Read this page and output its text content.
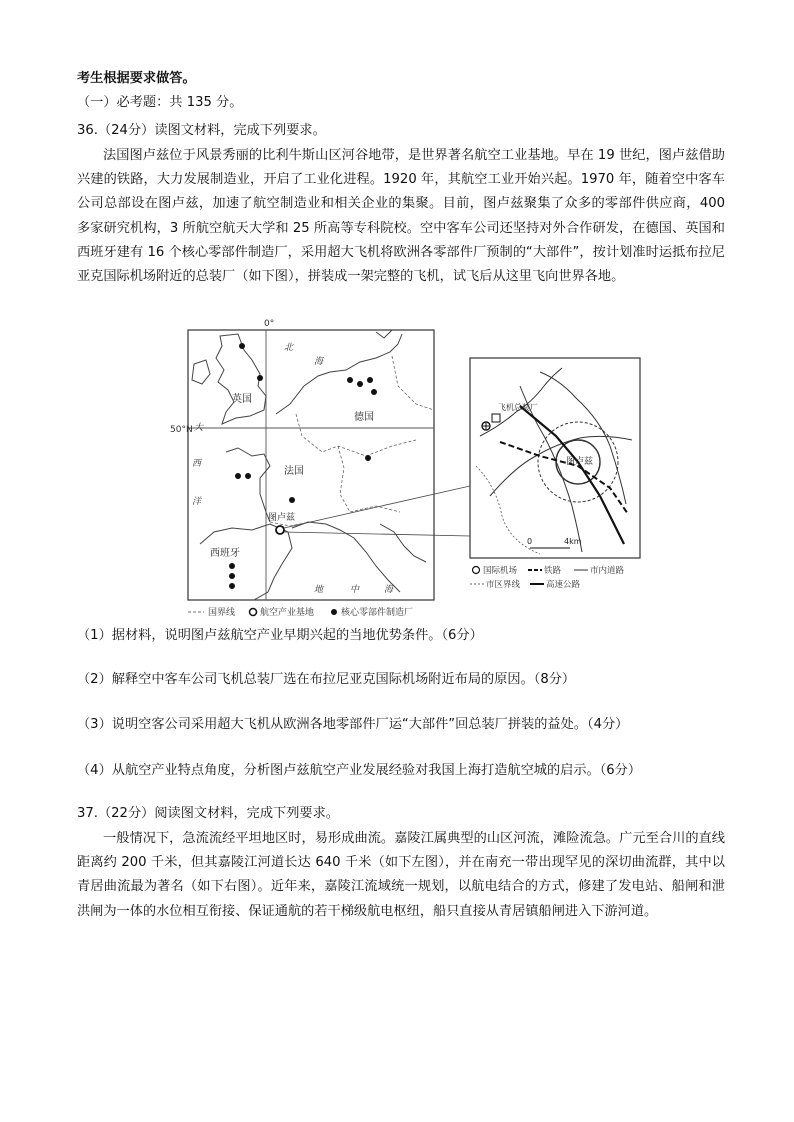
考生根据要求做答。
（一）必考题：共 135 分。
36.（24分）读图文材料，完成下列要求。
法国图卢兹位于风景秀丽的比利牛斯山区河谷地带，是世界著名航空工业基地。早在 19 世纪，图卢兹借助兴建的铁路，大力发展制造业，开启了工业化进程。1920 年，其航空工业开始兴起。1970 年，随着空中客车公司总部设在图卢兹，加速了航空制造业和相关企业的集聚。目前，图卢兹聚集了众多的零部件供应商，400 多家研究机构，3 所航空航天大学和 25 所高等专科院校。空中客车公司还坚持对外合作研发，在德国、英国和西班牙建有 16 个核心零部件制造厂，采用超大飞机将欧洲各零部件厂预制的“大部件”，按计划准时运抵布拉尼亚克国际机场附近的总装厂（如下图），拼装成一架完整的飞机，试飞后从这里飞向世界各地。
0°
50°N
英国
德国
法国
西班牙
北
海
大
西
洋
地	中	海
图卢兹
飞机总装厂
图卢兹
0	4km
国界线	航空产业基地	核心零部件制造厂
国际机场	铁路	市内道路
市区界线	高速公路
（1）据材料，说明图卢兹航空产业早期兴起的当地优势条件。（6分）
（2）解释空中客车公司飞机总装厂选在布拉尼亚克国际机场附近布局的原因。（8分）
（3）说明空客公司采用超大飞机从欧洲各地零部件厂运“大部件”回总装厂拼装的益处。（4分）
（4）从航空产业特点角度，分析图卢兹航空产业发展经验对我国上海打造航空城的启示。（6分）
37.（22分）阅读图文材料，完成下列要求。
一般情况下，急流流经平坦地区时，易形成曲流。嘉陵江属典型的山区河流，滩险流急。广元至合川的直线距离约 200 千米，但其嘉陵江河道长达 640 千米（如下左图），并在南充一带出现罕见的深切曲流群，其中以青居曲流最为著名（如下右图）。近年来，嘉陵江流域统一规划，以航电结合的方式，修建了发电站、船闸和泄洪闸为一体的水位相互衔接、保证通航的若干梯级航电枢纽，船只直接从青居镇船闸进入下游河道。
